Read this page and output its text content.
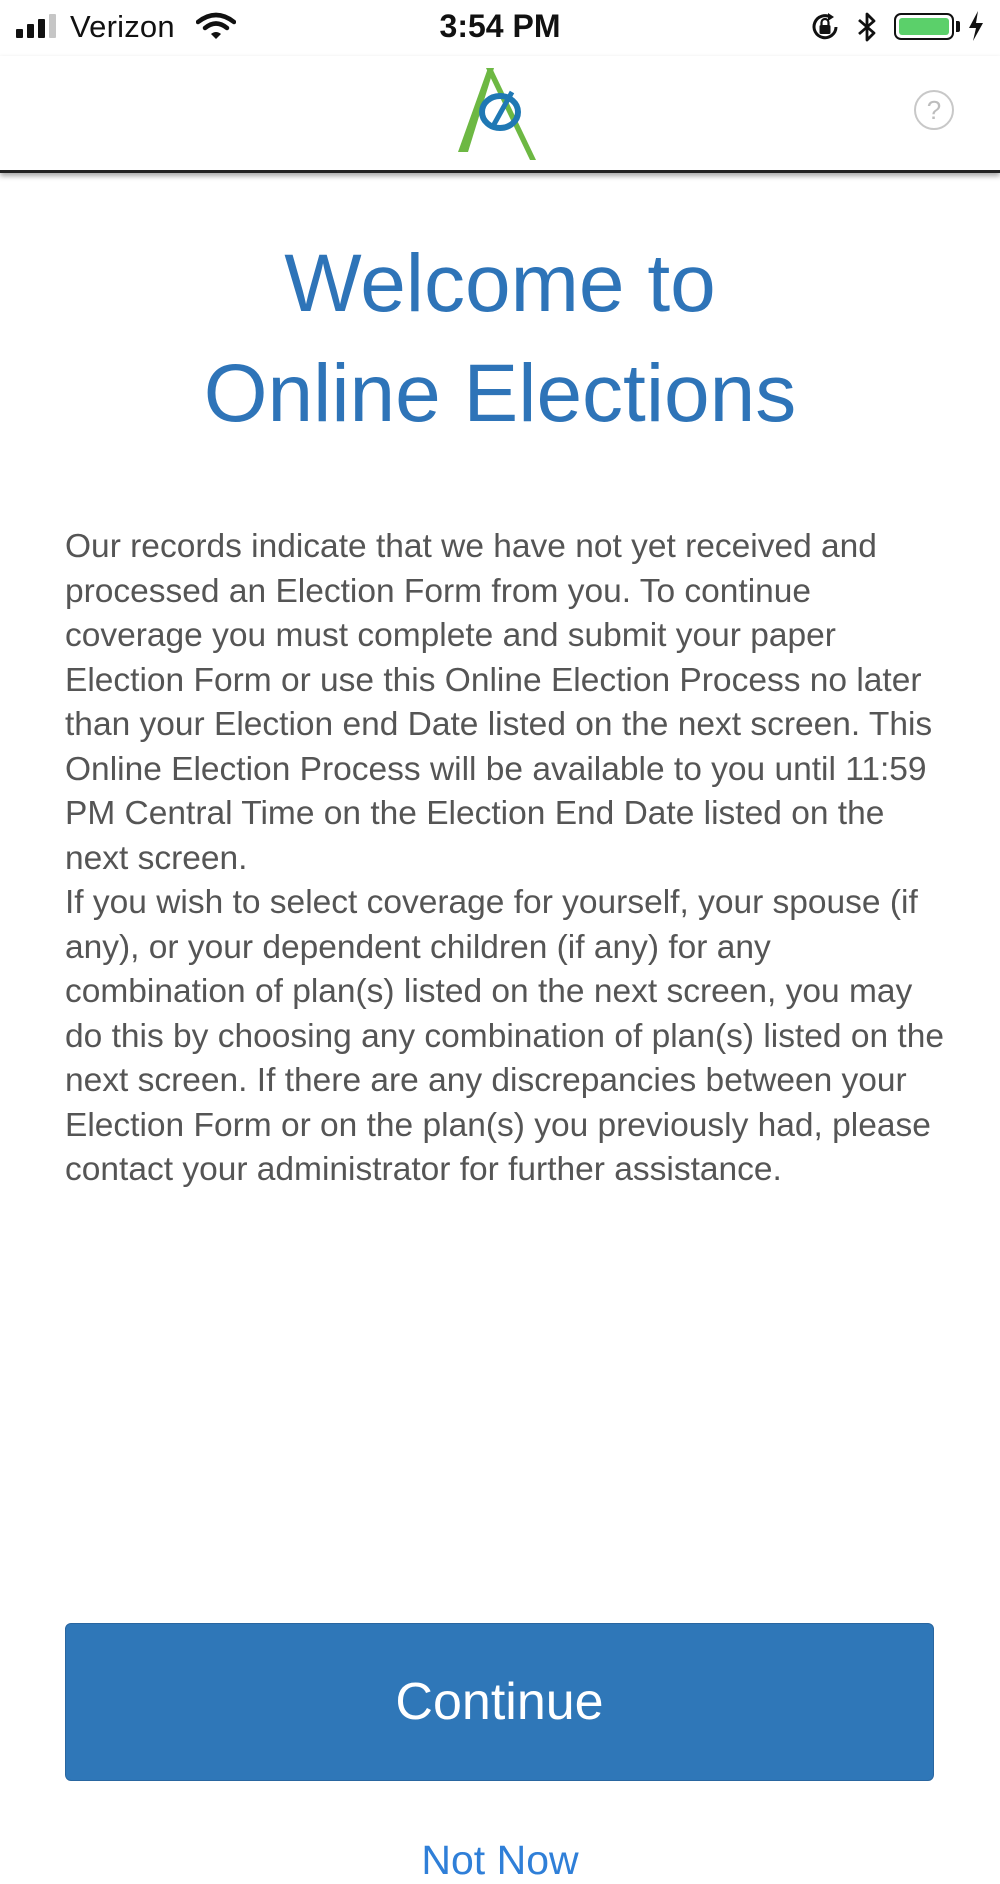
Verizon	3:54 PM
?
Welcome to
Online Elections

Our records indicate that we have not yet received and processed an Election Form from you. To continue coverage you must complete and submit your paper Election Form or use this Online Election Process no later than your Election end Date listed on the next screen. This Online Election Process will be available to you until 11:59 PM Central Time on the Election End Date listed on the next screen.

If you wish to select coverage for yourself, your spouse (if any), or your dependent children (if any) for any combination of plan(s) listed on the next screen, you may do this by choosing any combination of plan(s) listed on the next screen. If there are any discrepancies between your Election Form or on the plan(s) you previously had, please contact your administrator for further assistance.

Continue
Not Now
